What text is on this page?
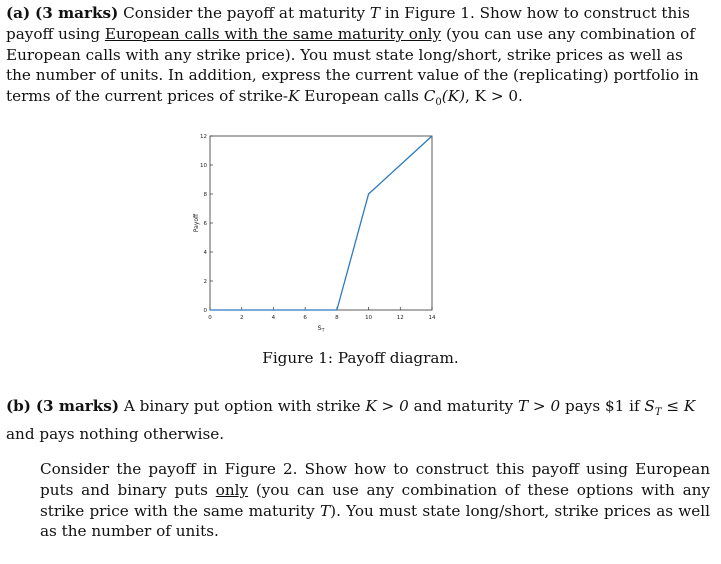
(a) (3 marks) Consider the payoff at maturity T in Figure 1. Show how to construct this payoff using European calls with the same maturity only (you can use any combination of European calls with any strike price). You must state long/short, strike prices as well as the number of units. In addition, express the current value of the (replicating) portfolio in terms of the current prices of strike-K European calls $C_0(K)$, K > 0.
0	2	4	6	8	10	12	14
0
2
4
6
8
10
12
$S_T$
Payoff
Figure 1: Payoff diagram.
(b) (3 marks) A binary put option with strike K > 0 and maturity T > 0 pays $1 if $S_T \le K$ and pays nothing otherwise.
Consider the payoff in Figure 2. Show how to construct this payoff using European puts and binary puts only (you can use any combination of these options with any strike price with the same maturity T). You must state long/short, strike prices as well as the number of units.
